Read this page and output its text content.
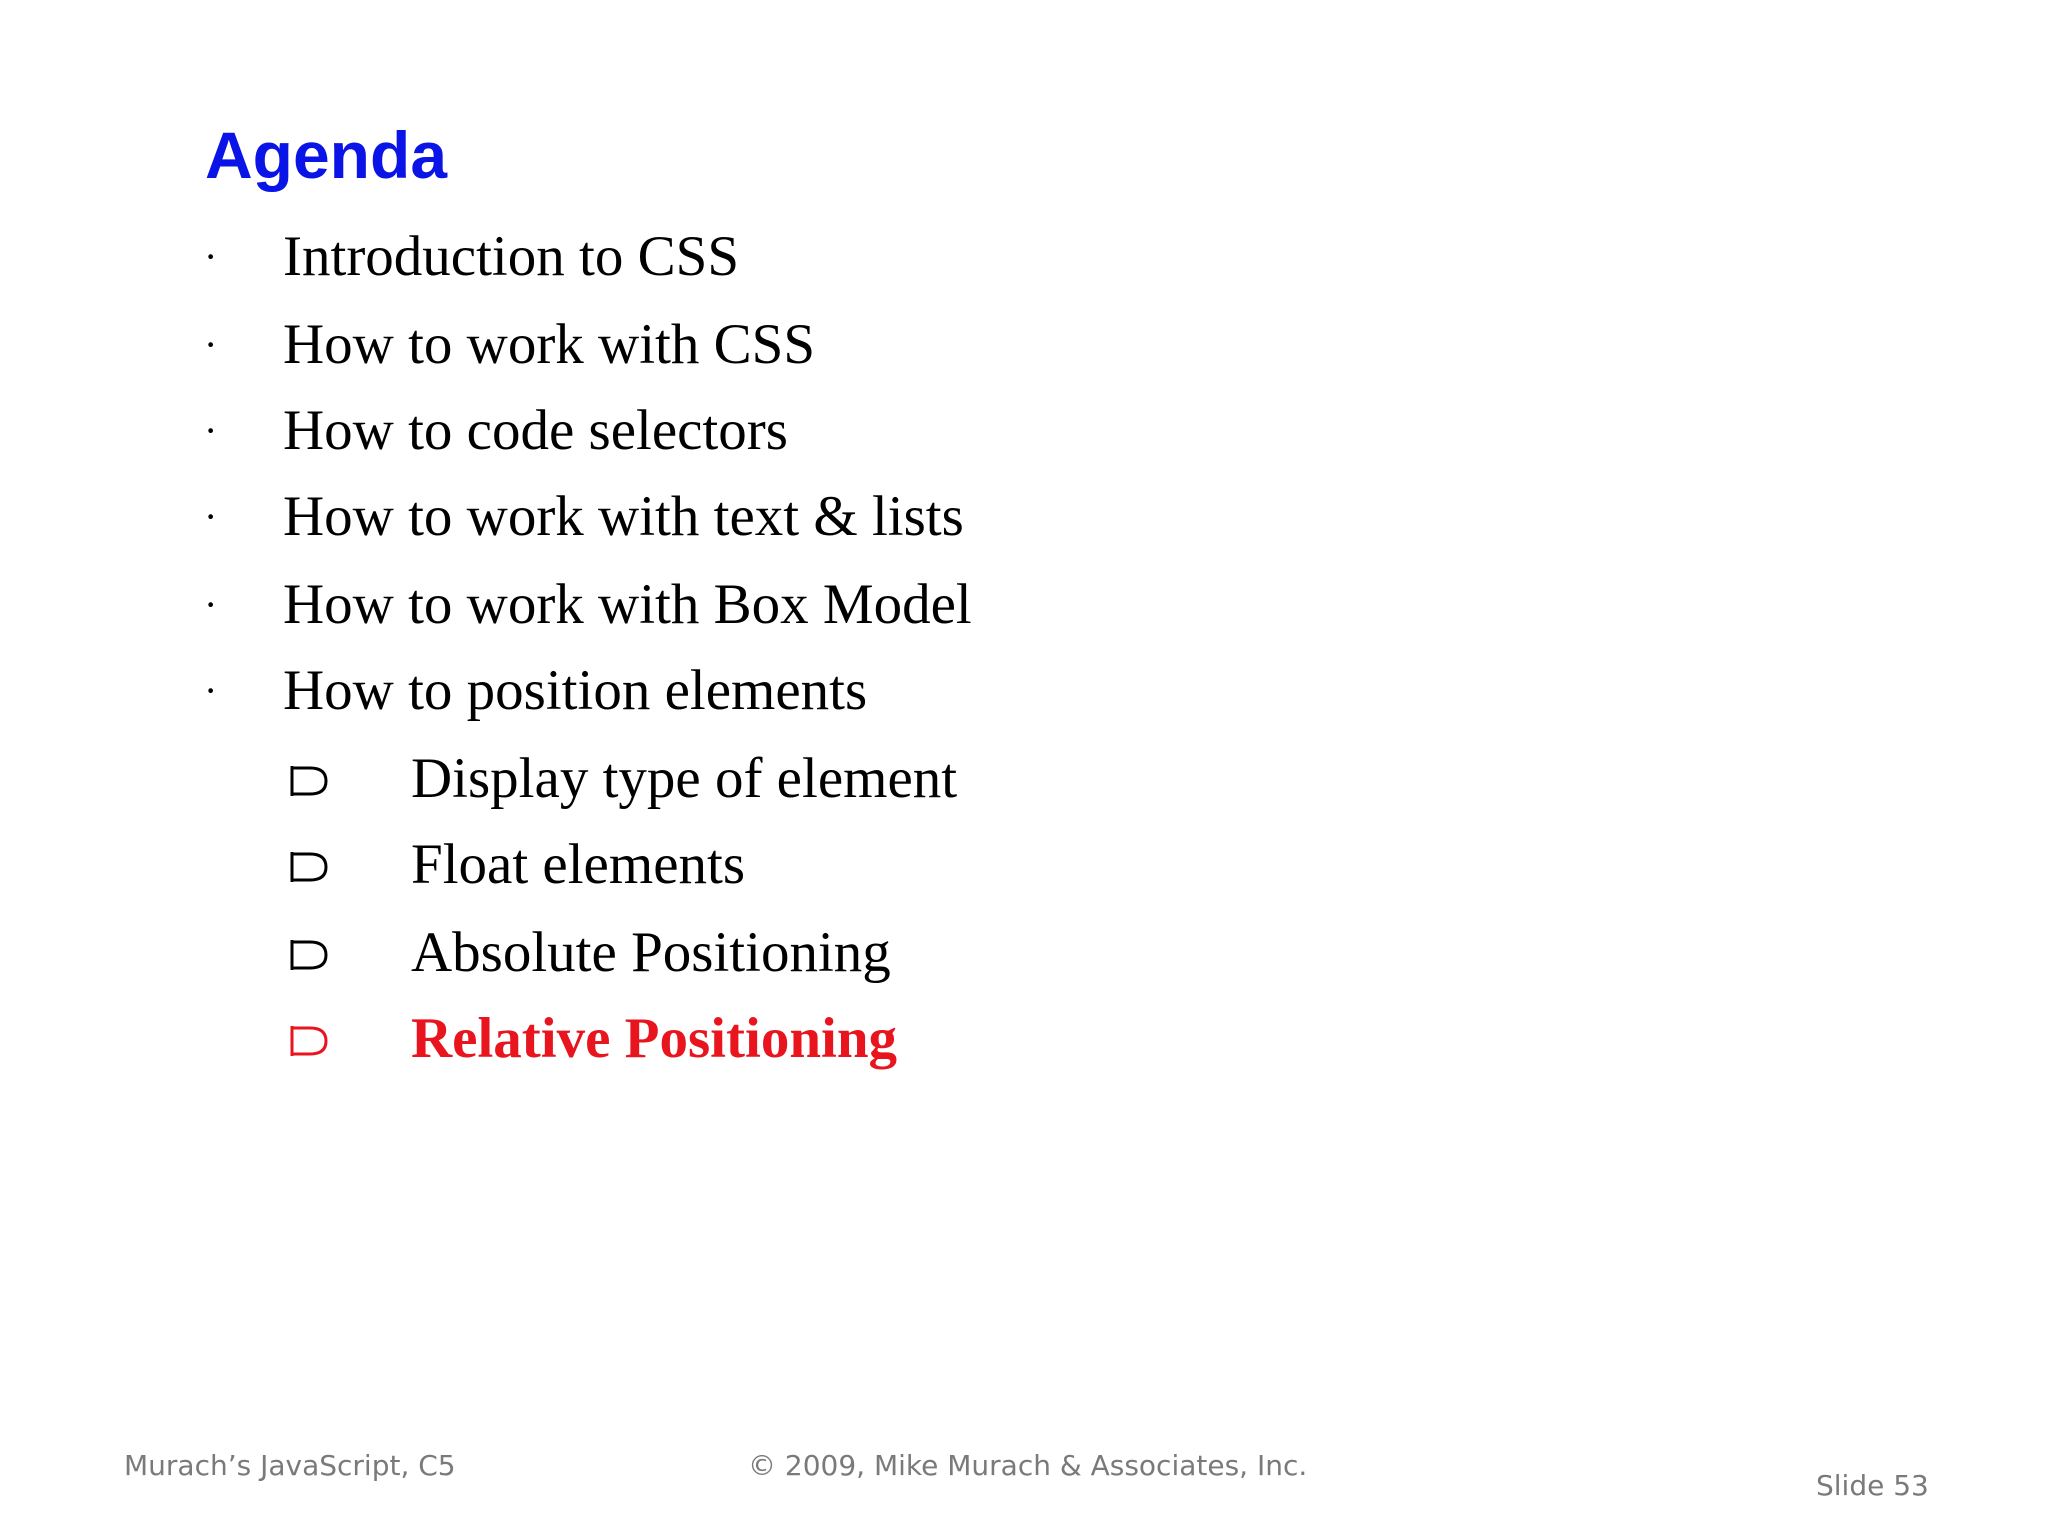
Agenda
· Introduction to CSS
· How to work with CSS
· How to code selectors
· How to work with text & lists
· How to work with Box Model
· How to position elements
Display type of element
Float elements
Absolute Positioning
Relative Positioning
Murach’s JavaScript, C5	© 2009, Mike Murach & Associates, Inc.
Slide 53
